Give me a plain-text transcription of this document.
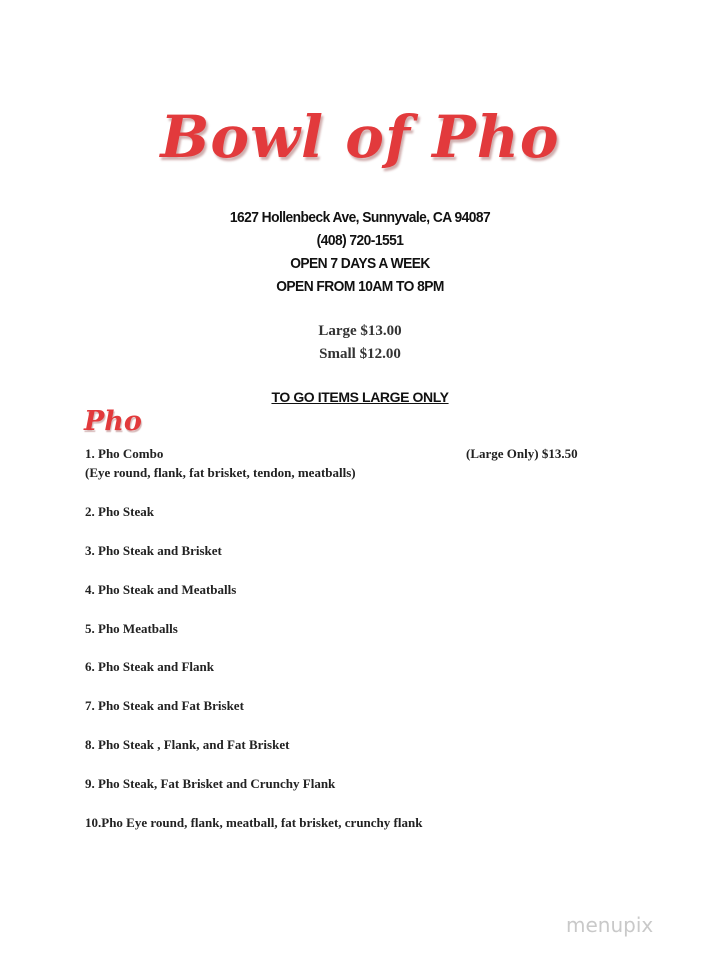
Bowl of Pho
1627 Hollenbeck Ave, Sunnyvale, CA 94087
(408) 720-1551
OPEN 7 DAYS A WEEK
OPEN FROM 10AM TO 8PM
Large $13.00
Small $12.00
TO GO ITEMS LARGE ONLY
Pho
1. Pho Combo	(Large Only) $13.50
(Eye round, flank, fat brisket, tendon, meatballs)
2. Pho Steak
3. Pho Steak and Brisket
4. Pho Steak and Meatballs
5. Pho Meatballs
6. Pho Steak and Flank
7. Pho Steak and Fat Brisket
8. Pho Steak , Flank, and Fat Brisket
9. Pho Steak, Fat Brisket and Crunchy Flank
10.Pho Eye round, flank, meatball, fat brisket, crunchy flank
menupix
